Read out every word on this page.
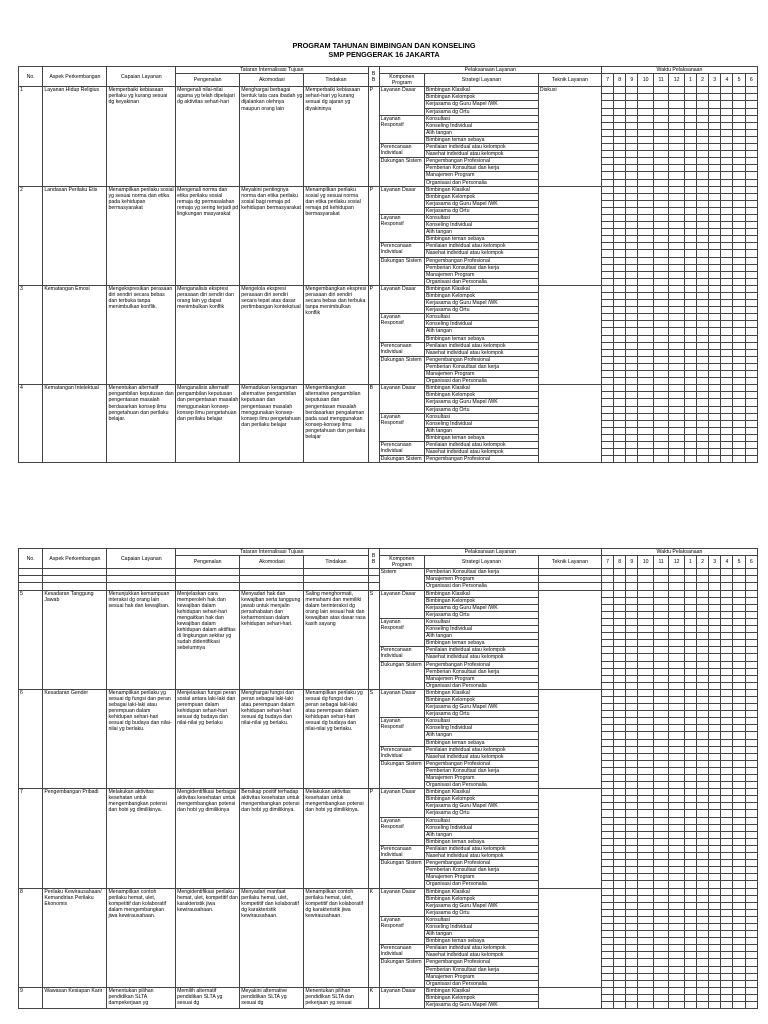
PROGRAM TAHUNAN BIMBINGAN DAN KONSELING
SMP PENGGERAK 16 JAKARTA
No.	Aspek Perkembangan	Capaian Layanan	Tataran Internalisasi Tujuan			B B	Pelaksanaan Layanan			Waktu Pelaksanaan											
			Pengenalan	Akomodasi	Tindakan		Komponen Program	Strategi Layanan	Teknik Layanan	7	8	9	10	11	12	1	2	3	4	5	6
1	Layanan Hidup Religius	Memperbaiki kebiasaan perilaku yg kurang sesuai dg keyakinan	Mengenali nilai-nilai agama yg telah dipelajari dg aktivitas sehari-hari	Menghargai berbagai bentuk tata cara ibadah yg dijalankan olehnya maupun orang lain	Memperbaiki kebiasaan sehari-hari yg kurang sesuai dg ajaran yg diyakininya	P	Layanan Dasar	Bimbingan Klasikal	Diskusi												
								Bimbingan Kelompok													
								Kerjasama dg Guru Mapel /WK													
								Kerjasama dg Ortu													
							Layanan Responsif	Konsultasi													
								Konseling Individual													
								Alih tangan													
								Bimbingan teman sebaya													
							Perencanaan Individual	Penilaian individual atau kelompok													
								Nasehat individual atau kelompok													
							Dukungan Sistem	Pengembangan Profesional													
								Pemberian Konsultasi dan kerja													
								Manajemen Program													
								Organisasi dan Personalia													
2	Landasan Perilaku Etis	Menampilkan perilaku sosial yg sesuai norma dan etika pada kehidupan bermasyarakat	Mengenali norma dan etika perilaku sosial remaja dg permasalahan remaja yg sering terjadi pd lingkungan masyarakat	Meyakini pentingnya norma dan etika perilaku sosial bagi remaja pd kehidupan bermasyarakat	Menampilkan perilaku sosial yg sesuai norma dan etika perilaku sosial remaja pd kehidupan bermasyarakat	P	Layanan Dasar	Bimbingan Klasikal													
								Bimbingan Kelompok													
								Kerjasama dg Guru Mapel /WK													
								Kerjasama dg Ortu													
							Layanan Responsif	Konsultasi													
								Konseling Individual													
								Alih tangan													
								Bimbingan teman sebaya													
							Perencanaan Individual	Penilaian individual atau kelompok													
								Nasehat individual atau kelompok													
							Dukungan Sistem	Pengembangan Profesional													
								Pemberian Konsultasi dan kerja													
								Manajemen Program													
								Organisasi dan Personalia													
3	Kematangan Emosi	Mengekspresikan perasaan diri sendiri secara bebas dan terbuka tanpa menimbulkan konflik.	Menganalisis ekspresi perasaan diri sendiri dan orang lain yg dapat menimbulkan konflik	Mengelola ekspresi perasaan diri sendiri secara tepat atas dasar pertimbangan kontekstual	Mengembangkan ekspresi perasaan diri sendiri secara bebas dan terbuka tanpa menimbulkan konflik	P	Layanan Dasar	Bimbingan Klasikal													
								Bimbingan Kelompok													
								Kerjasama dg Guru Mapel /WK													
								Kerjasama dg Ortu													
							Layanan Responsif	Konsultasi													
								Konseling Individual													
								Alih tangan													
								Bimbingan teman sebaya													
							Perencanaan Individual	Penilaian individual atau kelompok													
								Nasehat individual atau kelompok													
							Dukungan Sistem	Pengembangan Profesional													
								Pemberian Konsultasi dan kerja													
								Manajemen Program													
								Organisasi dan Personalia													
4	Kematangan Intelektual	Menentukan alternatif pengambilan keputusan dan pengentasan masalah berdasarkan konsep ilmu pengetahuan dan perilaku belajar.	Menganalisis alternatif pengambilan keputusan dan pengentasan masalah menggunakan konsep-konsep ilmu pengetahuan dan perilaku belajar	Memadukan keragaman alternative pengambilan keputusan dan pengentasan masalah menggunakan konsep-konsep ilmu pengetahuan dan perilaku belajar	Mengembangkan alternative pengambilan keputusan dan pengentasan masalah berdasarkan pengalaman pada saat menggunakan konsep-konsep ilmu pengetahuan dan perilaku belajar	B	Layanan Dasar	Bimbingan Klasikal													
								Bimbingan Kelompok													
								Kerjasama dg Guru Mapel /WK													
								Kerjasama dg Ortu													
							Layanan Responsif	Konsultasi													
								Konseling Individual													
								Alih tangan													
								Bimbingan teman sebaya													
							Perencanaan Individual	Penilaian individual atau kelompok													
								Nasehat individual atau kelompok													
							Dukungan Sistem	Pengembangan Profesional													
No.	Aspek Perkembangan	Capaian Layanan	Tataran Internalisasi Tujuan			B B	Pelaksanaan Layanan			Waktu Pelaksanaan											
			Pengenalan	Akomodasi	Tindakan		Komponen Program	Strategi Layanan	Teknik Layanan	7	8	9	10	11	12	1	2	3	4	5	6
							Sistem	Pemberian Konsultasi dan kerja													
								Manajemen Program													
								Organisasi dan Personalia													
5	Kesadaran Tanggung Jawab	Menunjukkan kemampuan interaksi dg orang lain sesuai hak dan kewajiban.	Menjelaskan cara memperoleh hak dan kewajiban dalam kehidupan sehari-hari mengaitkan hak dan kewajiban dalam kehidupan dalam aktifitas di lingkungan sekitar yg sudah didentifikasi sebelumnya	Menyadari hak dan kewajiban serta tanggung jawab untuk menjalin persahabatan dan keharmonisan dalam kehidupan sehari-hari.	Saling menghormati, memahami dan memiliki dalam berinteraksi dg orang lain sesuai hak dan kewajiban atas dasar rasa kasih sayang	S	Layanan Dasar	Bimbingan Klasikal													
								Bimbingan Kelompok													
								Kerjasama dg Guru Mapel /WK													
								Kerjasama dg Ortu													
							Layanan Responsif	Konsultasi													
								Konseling Individual													
								Alih tangan													
								Bimbingan teman sebaya													
							Perencanaan Individual	Penilaian individual atau kelompok													
								Nasehat individual atau kelompok													
							Dukungan Sistem	Pengembangan Profesional													
								Pemberian Konsultasi dan kerja													
								Manajemen Program													
								Organisasi dan Personalia													
6	Kesadaran Gender	Menampilkan perilaku yg sesuai dg fungsi dan peran sebagai laki-laki atau perempuan dalam kehidupan sehari-hari sesuai dg budaya dan nilai-nilai yg berlaku.	Menjelaskan fungsi peran sosial antara laki-laki dan perempuan dalam kehidupan sehari-hari sesuai dg budaya dan nilai-nilai yg berlaku	Menghargai fungsi dan peran sebagai laki-laki atau perempuan dalam kehidupan sehari-hari sesuai dg budaya dan nilai-nilai yg berlaku.	Menampilkan perilaku yg sesuai dg fungsi dan peran sebagai laki-laki atau perempuan dalam kehidupan sehari-hari sesuai dg budaya dan nilai-nilai yg berlaku.	S	Layanan Dasar	Bimbingan Klasikal													
								Bimbingan Kelompok													
								Kerjasama dg Guru Mapel /WK													
								Kerjasama dg Ortu													
							Layanan Responsif	Konsultasi													
								Konseling Individual													
								Alih tangan													
								Bimbingan teman sebaya													
							Perencanaan Individual	Penilaian individual atau kelompok													
								Nasehat individual atau kelompok													
							Dukungan Sistem	Pengembangan Profesional													
								Pemberian Konsultasi dan kerja													
								Manajemen Program													
								Organisasi dan Personalia													
7	Pengembangan Pribadi	Melakukan aktivitas kesehatan untuk mengembangkan potensi dan hobi yg dimilikinya.	Mengidentifikasi berbagai aktivitas kesehatan untuk mengembangkan potensi dan hobi yg dimilikinya	Bersikap positif terhadap aktivitas kesehatan untuk mengembangkan potensi dan hobi yg dimilikinya.	Melakukan aktivitas kesehatan untuk mengembangkan potensi dan hobi yg dimilikinya.	P	Layanan Dasar	Bimbingan Klasikal													
								Bimbingan Kelompok													
								Kerjasama dg Guru Mapel /WK													
								Kerjasama dg Ortu													
							Layanan Responsif	Konsultasi													
								Konseling Individual													
								Alih tangan													
								Bimbingan teman sebaya													
							Perencanaan Individual	Penilaian individual atau kelompok													
								Nasehat individual atau kelompok													
							Dukungan Sistem	Pengembangan Profesional													
								Pemberian Konsultasi dan kerja													
								Manajemen Program													
								Organisasi dan Personalia													
8	Perilaku Kewirausahaan/ Kemandirian Perilaku Ekonomis	Menampilkan contoh perilaku hemat, ulet, kompetitif dan kolaboratif dalam mengembangkan jiwa kewirausahaan.	Mengidentifikasi perilaku hemat, ulet, kompetitif dan karakteristik jiwa kewirausahaan.	Menyadari manfaat perilaku hemat, ulet, kompetitif dan kolaboratif dg karakteristik kewirausahaan.	Menampilkan contoh perilaku hemat, ulet, kompetitif dan kolaboratif dg karakteristik jiwa kewirausahaan.	K	Layanan Dasar	Bimbingan Klasikal													
								Bimbingan Kelompok													
								Kerjasama dg Guru Mapel /WK													
								Kerjasama dg Ortu													
							Layanan Responsif	Konsultasi													
								Konseling Individual													
								Alih tangan													
								Bimbingan teman sebaya													
							Perencanaan Individual	Penilaian individual atau kelompok													
								Nasehat individual atau kelompok													
							Dukungan Sistem	Pengembangan Profesional													
								Pemberian Konsultasi dan kerja													
								Manajemen Program													
								Organisasi dan Personalia													
9	Wawasan Kesiapan Karir	Menentukan pilihan pendidikan SLTA dampekerjaan yg	Memilih alternatif pendidikan SLTA yg sesuai dg	Meyakini alternative pendidikan SLTA yg sesuai dg	Menentukan pilihan pendidikan SLTA dan pekerjaan yg sesuai	K	Layanan Dasar	Bimbingan Klasikal													
								Bimbingan Kelompok													
								Kerjasama dg Guru Mapel /WK													
